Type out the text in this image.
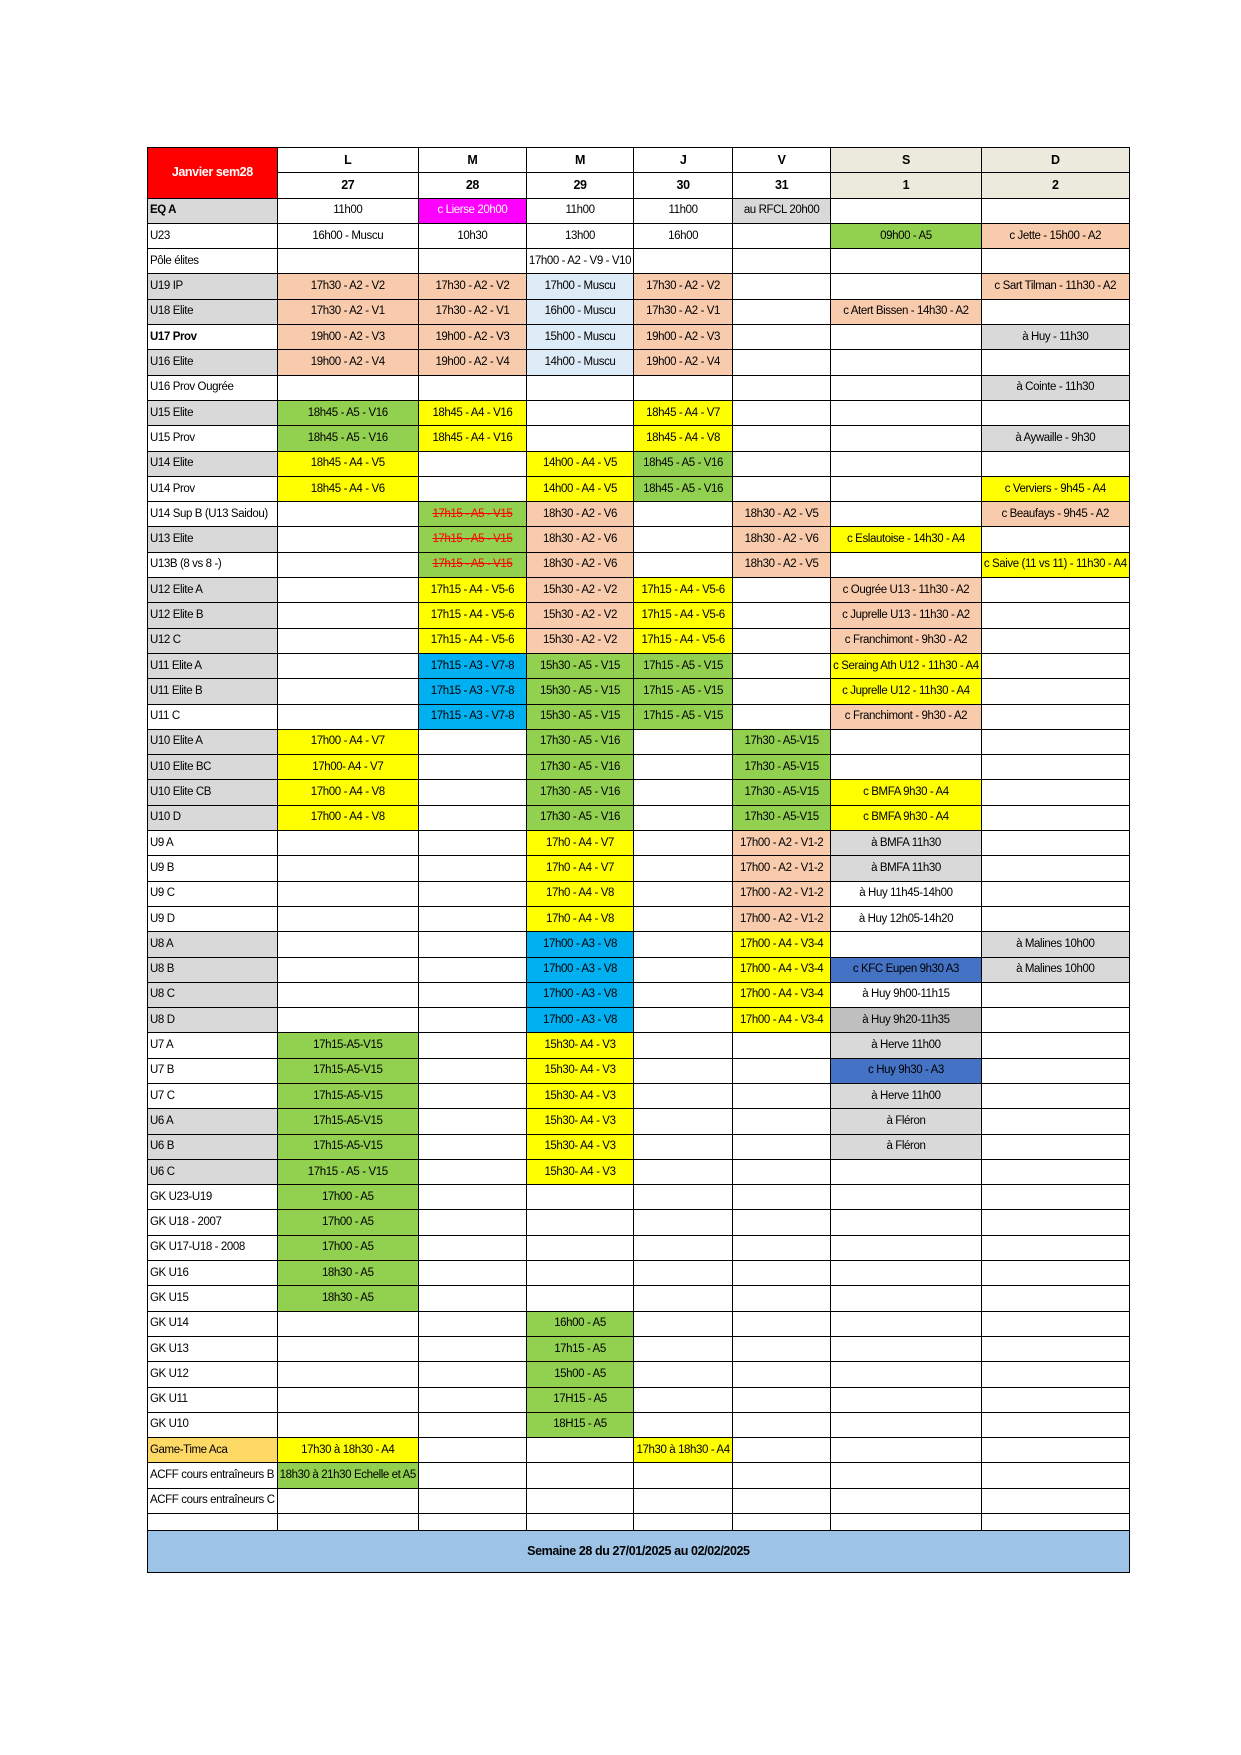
Janvier sem28	L	M	M	J	V	S	D
	27	28	29	30	31	1	2
EQ A	11h00	c Lierse 20h00	11h00	11h00	au RFCL 20h00		
U23	16h00 - Muscu	10h30	13h00	16h00		09h00 - A5	c Jette - 15h00 - A2
Pôle élites			17h00 - A2 - V9 - V10				
U19 IP	17h30 - A2 - V2	17h30 - A2 - V2	17h00 - Muscu	17h30 - A2 - V2			c Sart Tilman - 11h30 - A2
U18 Elite	17h30 - A2 - V1	17h30 - A2 - V1	16h00 - Muscu	17h30 - A2 - V1		c Atert Bissen - 14h30 - A2	
U17 Prov	19h00 - A2 - V3	19h00 - A2 - V3	15h00 - Muscu	19h00 - A2 - V3			à Huy - 11h30
U16 Elite	19h00 - A2 - V4	19h00 - A2 - V4	14h00 - Muscu	19h00 - A2 - V4			
U16 Prov Ougrée							à Cointe - 11h30
U15 Elite	18h45 - A5 - V16	18h45 - A4 - V16		18h45 - A4 - V7			
U15 Prov	18h45 - A5 - V16	18h45 - A4 - V16		18h45 - A4 - V8			à Aywaille - 9h30
U14 Elite	18h45 - A4 - V5		14h00 - A4 - V5	18h45 - A5 - V16			
U14 Prov	18h45 - A4 - V6		14h00 - A4 - V5	18h45 - A5 - V16			c Verviers - 9h45 - A4
U14 Sup B (U13 Saidou)		17h15 - A5 - V15	18h30 - A2 - V6		18h30 - A2 - V5		c Beaufays - 9h45 - A2
U13 Elite		17h15 - A5 - V15	18h30 - A2 - V6		18h30 - A2 - V6	c Eslautoise - 14h30 - A4	
U13B (8 vs 8 -)		17h15 - A5 - V15	18h30 - A2 - V6		18h30 - A2 - V5		c Saive (11 vs 11) - 11h30 - A4
U12 Elite A		17h15 - A4 - V5-6	15h30 - A2 - V2	17h15 - A4 - V5-6		c Ougrée U13 - 11h30 - A2	
U12 Elite B		17h15 - A4 - V5-6	15h30 - A2 - V2	17h15 - A4 - V5-6		c Juprelle U13 - 11h30 - A2	
U12 C		17h15 - A4 - V5-6	15h30 - A2 - V2	17h15 - A4 - V5-6		c Franchimont - 9h30 - A2	
U11 Elite A		17h15 - A3 - V7-8	15h30 - A5 - V15	17h15 - A5 - V15		c Seraing Ath U12 - 11h30 - A4	
U11 Elite B		17h15 - A3 - V7-8	15h30 - A5 - V15	17h15 - A5 - V15		c Juprelle U12 - 11h30 - A4	
U11 C		17h15 - A3 - V7-8	15h30 - A5 - V15	17h15 - A5 - V15		c Franchimont - 9h30 - A2	
U10 Elite A	17h00 - A4 - V7		17h30 - A5 - V16		17h30 - A5-V15		
U10 Elite BC	17h00- A4 - V7		17h30 - A5 - V16		17h30 - A5-V15		
U10 Elite CB	17h00 - A4 - V8		17h30 - A5 - V16		17h30 - A5-V15	c BMFA 9h30 - A4	
U10 D	17h00 - A4 - V8		17h30 - A5 - V16		17h30 - A5-V15	c BMFA 9h30 - A4	
U9 A			17h0 - A4 - V7		17h00 - A2 - V1-2	à BMFA 11h30	
U9 B			17h0 - A4 - V7		17h00 - A2 - V1-2	à BMFA 11h30	
U9 C			17h0 - A4 - V8		17h00 - A2 - V1-2	à Huy 11h45-14h00	
U9 D			17h0 - A4 - V8		17h00 - A2 - V1-2	à Huy 12h05-14h20	
U8 A			17h00 - A3 - V8		17h00 - A4 - V3-4		à Malines 10h00
U8 B			17h00 - A3 - V8		17h00 - A4 - V3-4	c KFC Eupen 9h30 A3	à Malines 10h00
U8 C			17h00 - A3 - V8		17h00 - A4 - V3-4	à Huy 9h00-11h15	
U8 D			17h00 - A3 - V8		17h00 - A4 - V3-4	à Huy 9h20-11h35	
U7 A	17h15-A5-V15		15h30- A4 - V3			à Herve 11h00	
U7 B	17h15-A5-V15		15h30- A4 - V3			c Huy 9h30 - A3	
U7 C	17h15-A5-V15		15h30- A4 - V3			à Herve 11h00	
U6 A	17h15-A5-V15		15h30- A4 - V3			à Fléron	
U6 B	17h15-A5-V15		15h30- A4 - V3			à Fléron	
U6 C	17h15 - A5 - V15		15h30- A4 - V3				
GK U23-U19	17h00 - A5						
GK U18 - 2007	17h00 - A5						
GK U17-U18 - 2008	17h00 - A5						
GK U16	18h30 - A5						
GK U15	18h30 - A5						
GK U14			16h00 - A5				
GK U13			17h15 - A5				
GK U12			15h00 - A5				
GK U11			17H15 - A5				
GK U10			18H15 - A5				
Game-Time Aca	17h30 à 18h30 - A4			17h30 à 18h30 - A4			
ACFF cours entraîneurs B	18h30 à 21h30 Echelle et A5						
ACFF cours entraîneurs C							

Semaine 28 du 27/01/2025 au 02/02/2025							
